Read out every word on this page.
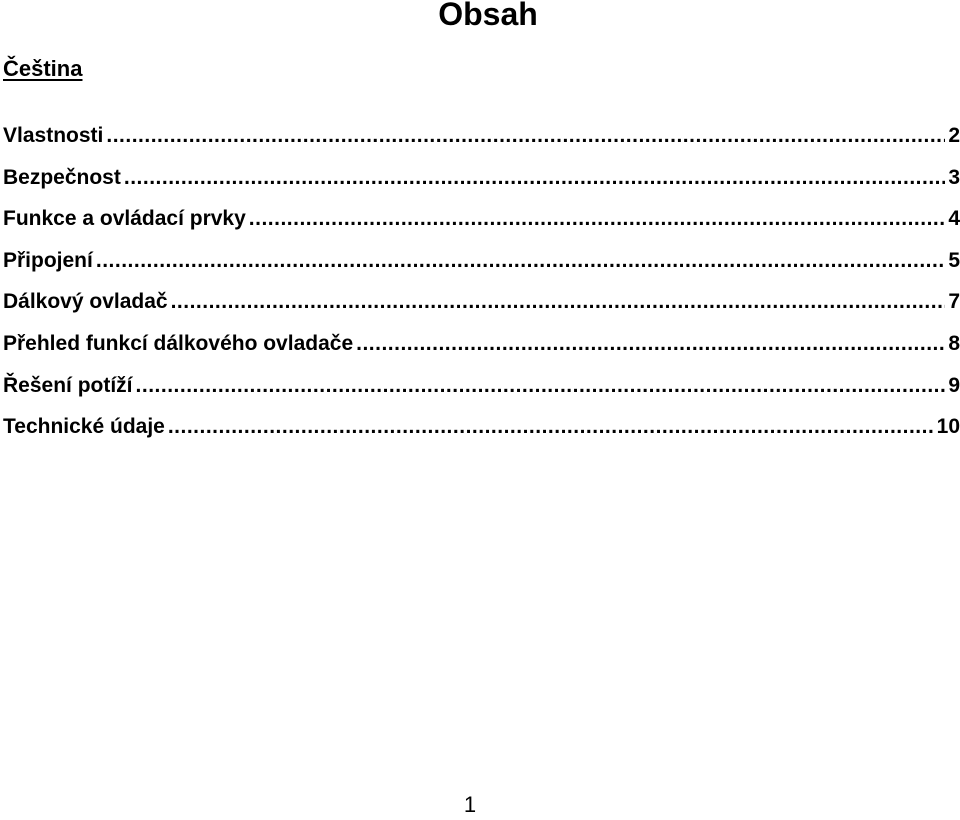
Obsah
Čeština
Vlastnosti .....	2
Bezpečnost .....	3
Funkce a ovládací prvky .....	4
Připojení .....	5
Dálkový ovladač .....	7
Přehled funkcí dálkového ovladače .....	8
Řešení potíží .....	9
Technické údaje .....	10
1
